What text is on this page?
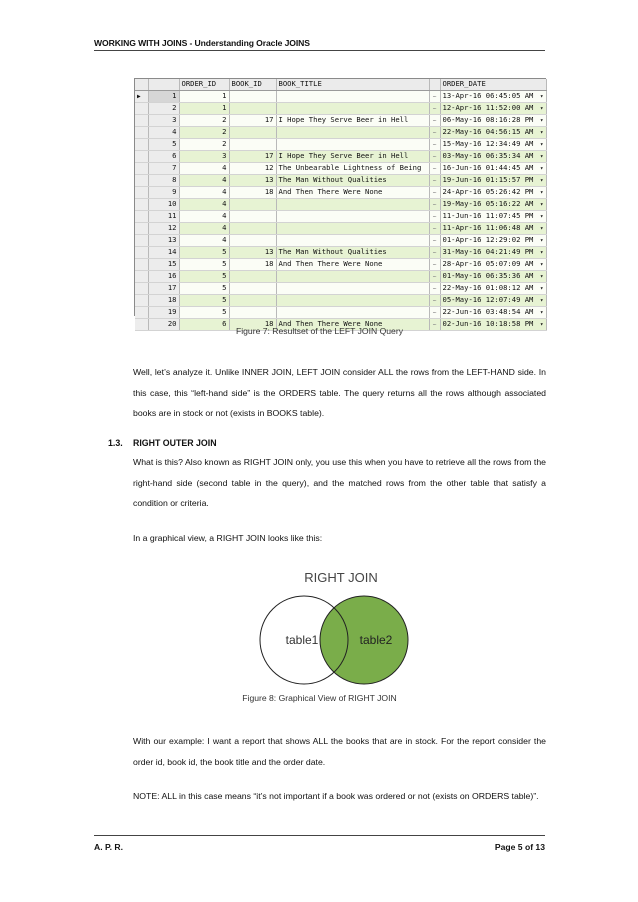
WORKING WITH JOINS - Understanding Oracle JOINS
		ORDER_ID	BOOK_ID	BOOK_TITLE		ORDER_DATE
▶	1	1			…	13-Apr-16 06:45:05 AM ▾

	2	1			…	12-Apr-16 11:52:00 AM ▾

	3	2	17	I Hope They Serve Beer in Hell	…	06-May-16 08:16:28 PM ▾

	4	2			…	22-May-16 04:56:15 AM ▾

	5	2			…	15-May-16 12:34:49 AM ▾

	6	3	17	I Hope They Serve Beer in Hell	…	03-May-16 06:35:34 AM ▾

	7	4	12	The Unbearable Lightness of Being	…	16-Jun-16 01:44:45 AM ▾

	8	4	13	The Man Without Qualities	…	19-Jun-16 01:15:57 PM ▾

	9	4	18	And Then There Were None	…	24-Apr-16 05:26:42 PM ▾

	10	4			…	19-May-16 05:16:22 AM ▾

	11	4			…	11-Jun-16 11:07:45 PM ▾

	12	4			…	11-Apr-16 11:06:48 AM ▾

	13	4			…	01-Apr-16 12:29:02 PM ▾

	14	5	13	The Man Without Qualities	…	31-May-16 04:21:49 PM ▾

	15	5	18	And Then There Were None	…	28-Apr-16 05:07:09 AM ▾

	16	5			…	01-May-16 06:35:36 AM ▾

	17	5			…	22-May-16 01:08:12 AM ▾

	18	5			…	05-May-16 12:07:49 AM ▾

	19	5			…	22-Jun-16 03:48:54 AM ▾

	20	6	18	And Then There Were None	…	02-Jun-16 10:18:58 PM ▾
Figure 7: Resultset of the LEFT JOIN Query
Well, let’s analyze it. Unlike INNER JOIN, LEFT JOIN consider ALL the rows from the LEFT-HAND side. In this case, this “left-hand side” is the ORDERS table. The query returns all the rows although associated books are in stock or not (exists in BOOKS table).
1.3. RIGHT OUTER JOIN
What is this? Also known as RIGHT JOIN only, you use this when you have to retrieve all the rows from the right-hand side (second table in the query), and the matched rows from the other table that satisfy a condition or criteria.
In a graphical view, a RIGHT JOIN looks like this:
RIGHT JOIN
table1	table2
Figure 8: Graphical View of RIGHT JOIN
With our example: I want a report that shows ALL the books that are in stock. For the report consider the order id, book id, the book title and the order date.
NOTE: ALL in this case means “it’s not important if a book was ordered or not (exists on ORDERS table)”.
A. P. R.	Page 5 of 13
